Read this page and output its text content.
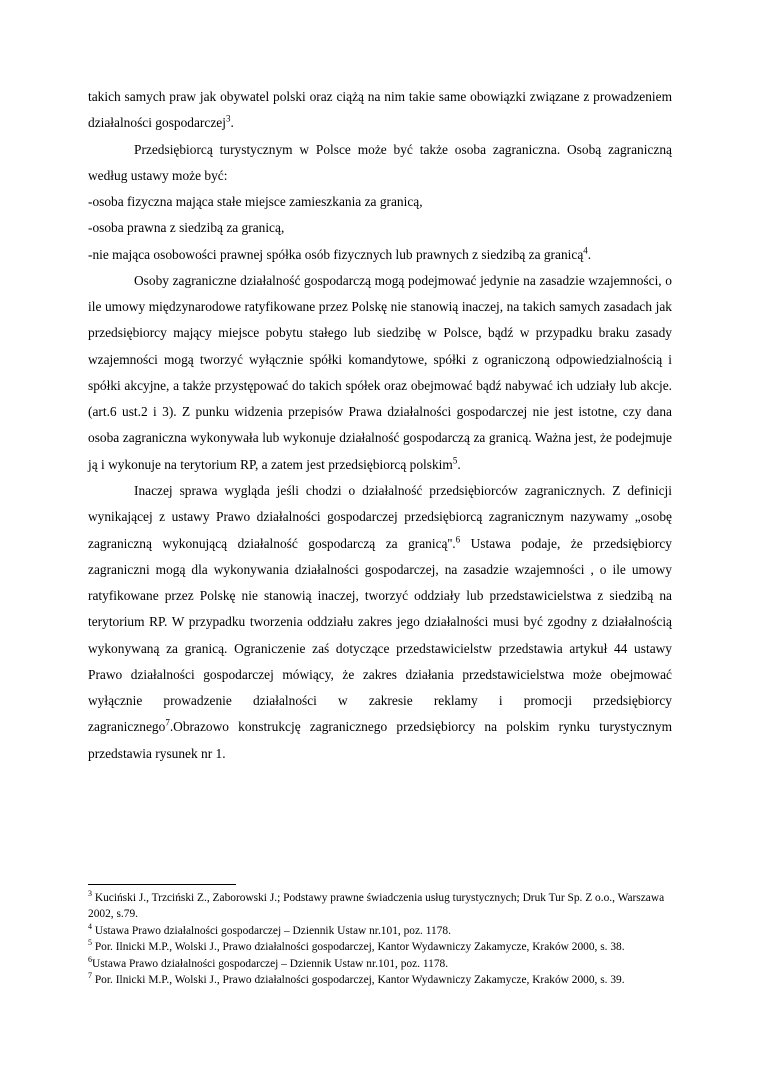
takich samych praw jak obywatel polski oraz ciążą na nim takie same obowiązki związane z prowadzeniem działalności gospodarczej$^3$.

Przedsiębiorcą turystycznym w Polsce może być także osoba zagraniczna. Osobą zagraniczną według ustawy może być:

-osoba fizyczna mająca stałe miejsce zamieszkania za granicą,

-osoba prawna z siedzibą za granicą,

-nie mająca osobowości prawnej spółka osób fizycznych lub prawnych z siedzibą za granicą$^4$.

Osoby zagraniczne działalność gospodarczą mogą podejmować jedynie na zasadzie wzajemności, o ile umowy międzynarodowe ratyfikowane przez Polskę nie stanowią inaczej, na takich samych zasadach jak przedsiębiorcy mający miejsce pobytu stałego lub siedzibę w Polsce, bądź w przypadku braku zasady wzajemności mogą tworzyć wyłącznie spółki komandytowe, spółki z ograniczoną odpowiedzialnością i spółki akcyjne, a także przystępować do takich spółek oraz obejmować bądź nabywać ich udziały lub akcje. (art.6 ust.2 i 3). Z punku widzenia przepisów Prawa działalności gospodarczej nie jest istotne, czy dana osoba zagraniczna wykonywała lub wykonuje działalność gospodarczą za granicą. Ważna jest, że podejmuje ją i wykonuje na terytorium RP, a zatem jest przedsiębiorcą polskim$^5$.

Inaczej sprawa wygląda jeśli chodzi o działalność przedsiębiorców zagranicznych. Z definicji wynikającej z ustawy Prawo działalności gospodarczej przedsiębiorcą zagranicznym nazywamy „osobę zagraniczną wykonującą działalność gospodarczą za granicą''.$^6$ Ustawa podaje, że przedsiębiorcy zagraniczni mogą dla wykonywania działalności gospodarczej, na zasadzie wzajemności , o ile umowy ratyfikowane przez Polskę nie stanowią inaczej, tworzyć oddziały lub przedstawicielstwa z siedzibą na terytorium RP. W przypadku tworzenia oddziału zakres jego działalności musi być zgodny z działalnością wykonywaną za granicą. Ograniczenie zaś dotyczące przedstawicielstw przedstawia artykuł 44 ustawy Prawo działalności gospodarczej mówiący, że zakres działania przedstawicielstwa może obejmować wyłącznie prowadzenie działalności w zakresie reklamy i promocji przedsiębiorcy zagranicznego$^7$.Obrazowo konstrukcję zagranicznego przedsiębiorcy na polskim rynku turystycznym przedstawia rysunek nr 1.

$^3$ Kuciński J., Trzciński Z., Zaborowski J.; Podstawy prawne świadczenia usług turystycznych; Druk Tur Sp. Z o.o., Warszawa 2002, s.79.

$^4$ Ustawa Prawo działalności gospodarczej – Dziennik Ustaw nr.101, poz. 1178.

$^5$ Por. Ilnicki M.P., Wolski J., Prawo działalności gospodarczej, Kantor Wydawniczy Zakamycze, Kraków 2000, s. 38.

$^6$Ustawa Prawo działalności gospodarczej – Dziennik Ustaw nr.101, poz. 1178.

$^7$ Por. Ilnicki M.P., Wolski J., Prawo działalności gospodarczej, Kantor Wydawniczy Zakamycze, Kraków 2000, s. 39.
